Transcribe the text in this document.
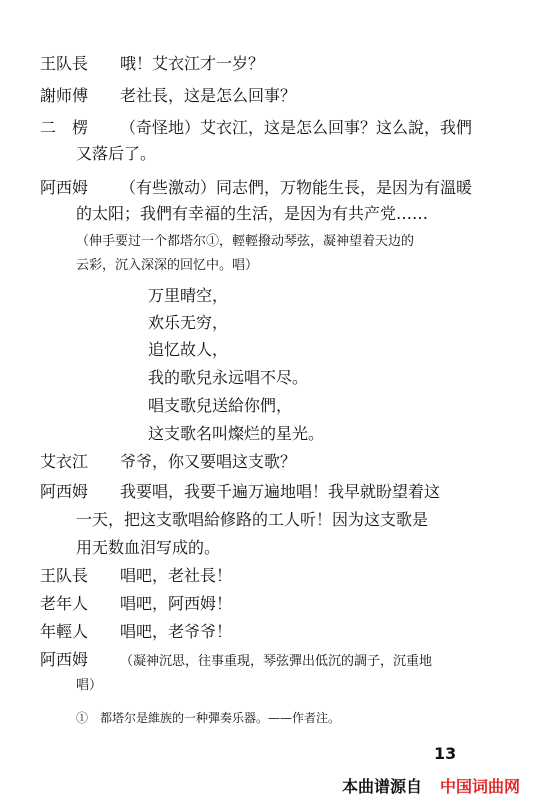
王队長 哦！艾衣江才一岁？
謝师傅 老社長，这是怎么回事？
二　楞 （奇怪地）艾衣江，这是怎么回事？这么說，我們
又落后了。
阿西姆 （有些激动）同志們，万物能生長，是因为有溫暖
的太阳；我們有幸福的生活，是因为有共产党……
（伸手要过一个都塔尔①，輕輕撥动琴弦，凝神望着天边的
云彩，沉入深深的回忆中。唱）
万里晴空，
欢乐无穷，
追忆故人，
我的歌兒永远唱不尽。
唱支歌兒送給你們，
这支歌名叫燦烂的星光。
艾衣江 爷爷，你又要唱这支歌？
阿西姆 我要唱，我要千遍万遍地唱！我早就盼望着这
一天，把这支歌唱給修路的工人听！因为这支歌是
用无数血泪写成的。
王队長 唱吧，老社長！
老年人 唱吧，阿西姆！
年輕人 唱吧，老爷爷！
阿西姆 （凝神沉思，往事重現，琴弦彈出低沉的調子，沉重地
唱）
①　都塔尔是維族的一种彈奏乐器。——作者注。
13
本曲谱源自 中国词曲网
